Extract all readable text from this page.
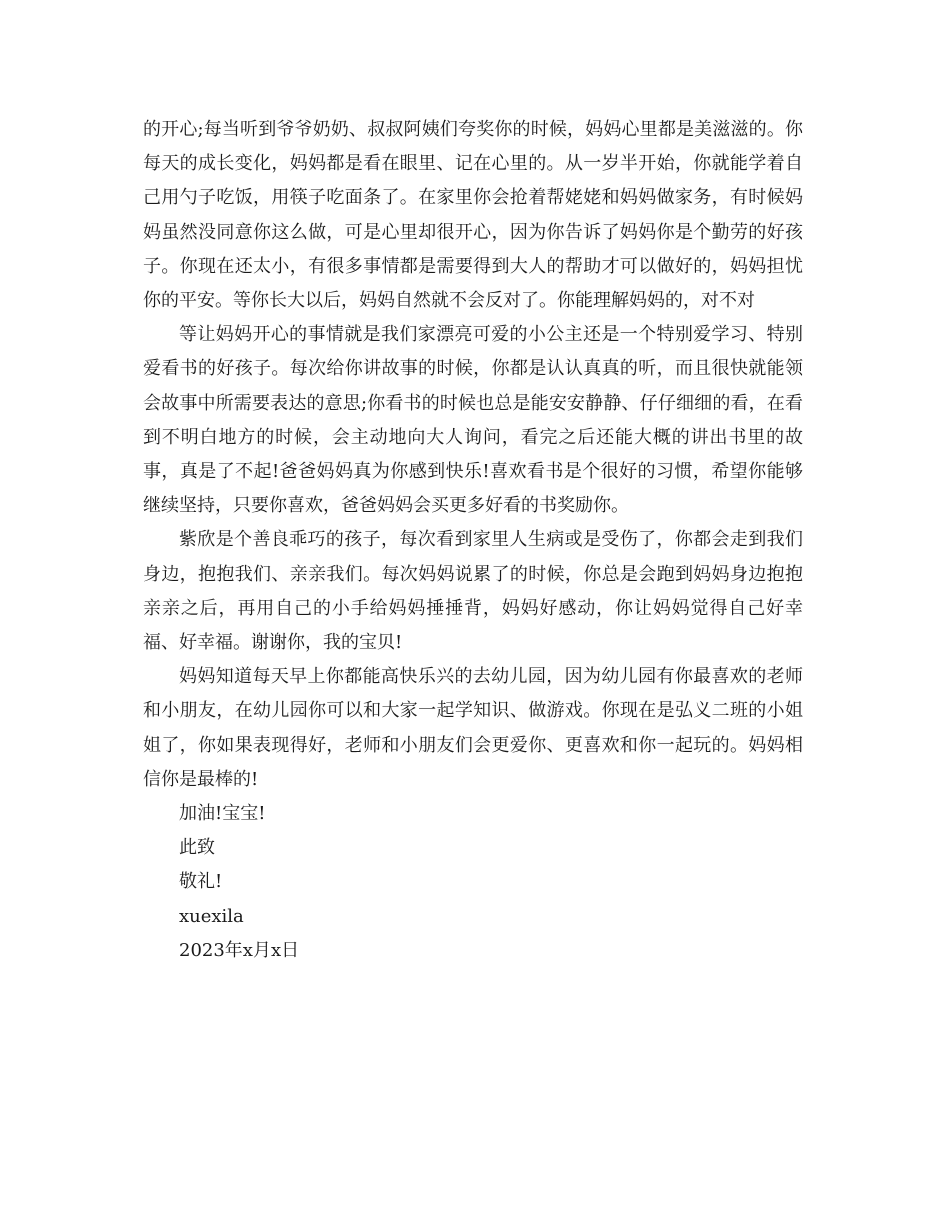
的开心;每当听到爷爷奶奶、叔叔阿姨们夸奖你的时候，妈妈心里都是美滋滋的。你每天的成长变化，妈妈都是看在眼里、记在心里的。从一岁半开始，你就能学着自己用勺子吃饭，用筷子吃面条了。在家里你会抢着帮姥姥和妈妈做家务，有时候妈妈虽然没同意你这么做，可是心里却很开心，因为你告诉了妈妈你是个勤劳的好孩子。你现在还太小，有很多事情都是需要得到大人的帮助才可以做好的，妈妈担忧你的平安。等你长大以后，妈妈自然就不会反对了。你能理解妈妈的，对不对

等让妈妈开心的事情就是我们家漂亮可爱的小公主还是一个特别爱学习、特别爱看书的好孩子。每次给你讲故事的时候，你都是认认真真的听，而且很快就能领会故事中所需要表达的意思;你看书的时候也总是能安安静静、仔仔细细的看，在看到不明白地方的时候，会主动地向大人询问，看完之后还能大概的讲出书里的故事，真是了不起!爸爸妈妈真为你感到快乐!喜欢看书是个很好的习惯，希望你能够继续坚持，只要你喜欢，爸爸妈妈会买更多好看的书奖励你。

紫欣是个善良乖巧的孩子，每次看到家里人生病或是受伤了，你都会走到我们身边，抱抱我们、亲亲我们。每次妈妈说累了的时候，你总是会跑到妈妈身边抱抱亲亲之后，再用自己的小手给妈妈捶捶背，妈妈好感动，你让妈妈觉得自己好幸福、好幸福。谢谢你，我的宝贝!

妈妈知道每天早上你都能高快乐兴的去幼儿园，因为幼儿园有你最喜欢的老师和小朋友，在幼儿园你可以和大家一起学知识、做游戏。你现在是弘义二班的小姐姐了，你如果表现得好，老师和小朋友们会更爱你、更喜欢和你一起玩的。妈妈相信你是最棒的!

加油!宝宝!

此致

敬礼!

xuexila

2023年x月x日
